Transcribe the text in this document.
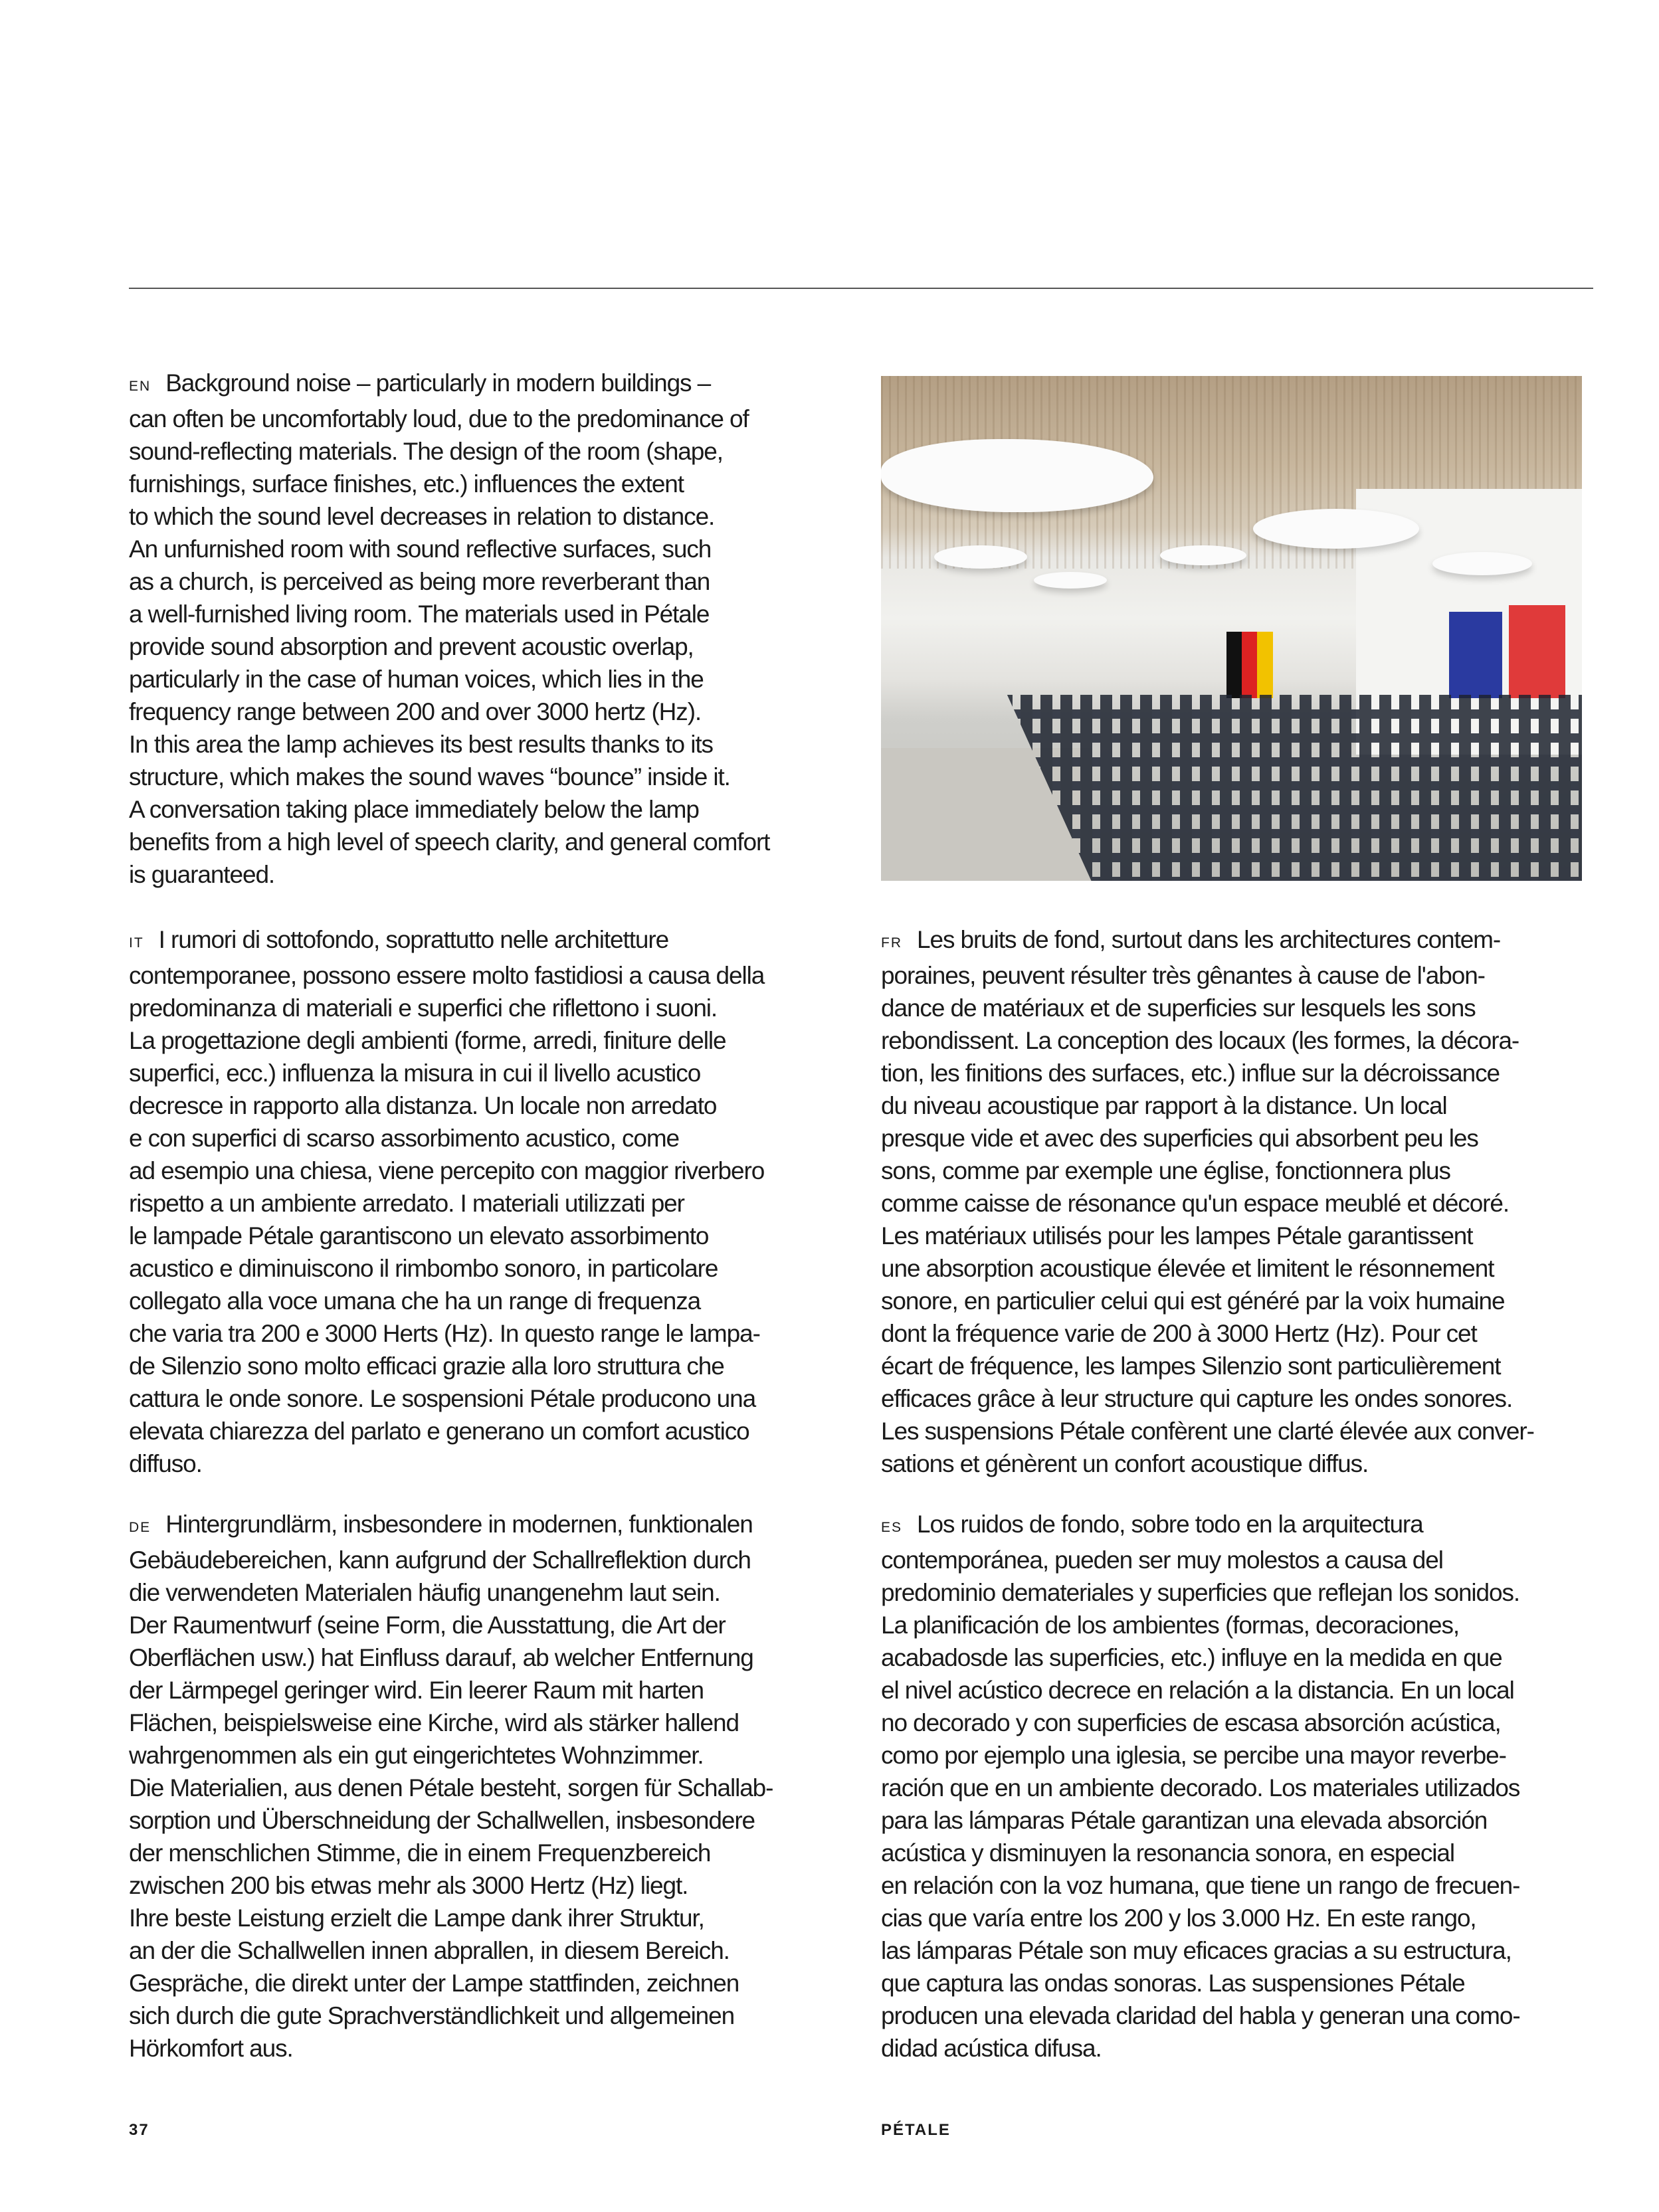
EN Background noise – particularly in modern buildings –
can often be uncomfortably loud, due to the predominance of
sound-reflecting materials. The design of the room (shape,
furnishings, surface finishes, etc.) influences the extent
to which the sound level decreases in relation to distance.
An unfurnished room with sound reflective surfaces, such
as a church, is perceived as being more reverberant than
a well-furnished living room. The materials used in Pétale
provide sound absorption and prevent acoustic overlap,
particularly in the case of human voices, which lies in the
frequency range between 200 and over 3000 hertz (Hz).
In this area the lamp achieves its best results thanks to its
structure, which makes the sound waves “bounce” inside it.
A conversation taking place immediately below the lamp
benefits from a high level of speech clarity, and general comfort
is guaranteed.
IT I rumori di sottofondo, soprattutto nelle architetture
contemporanee, possono essere molto fastidiosi a causa della
predominanza di materiali e superfici che riflettono i suoni.
La progettazione degli ambienti (forme, arredi, finiture delle
superfici, ecc.) influenza la misura in cui il livello acustico
decresce in rapporto alla distanza. Un locale non arredato
e con superfici di scarso assorbimento acustico, come
ad esempio una chiesa, viene percepito con maggior riverbero
rispetto a un ambiente arredato. I materiali utilizzati per
le lampade Pétale garantiscono un elevato assorbimento
acustico e diminuiscono il rimbombo sonoro, in particolare
collegato alla voce umana che ha un range di frequenza
che varia tra 200 e 3000 Herts (Hz). In questo range le lampa-
de Silenzio sono molto efficaci grazie alla loro struttura che
cattura le onde sonore. Le sospensioni Pétale producono una
elevata chiarezza del parlato e generano un comfort acustico
diffuso.
DE Hintergrundlärm, insbesondere in modernen, funktionalen
Gebäudebereichen, kann aufgrund der Schallreflektion durch
die verwendeten Materialen häufig unangenehm laut sein.
Der Raumentwurf (seine Form, die Ausstattung, die Art der
Oberflächen usw.) hat Einfluss darauf, ab welcher Entfernung
der Lärmpegel geringer wird. Ein leerer Raum mit harten
Flächen, beispielsweise eine Kirche, wird als stärker hallend
wahrgenommen als ein gut eingerichtetes Wohnzimmer.
Die Materialien, aus denen Pétale besteht, sorgen für Schallab-
sorption und Überschneidung der Schallwellen, insbesondere
der menschlichen Stimme, die in einem Frequenzbereich
zwischen 200 bis etwas mehr als 3000 Hertz (Hz) liegt.
Ihre beste Leistung erzielt die Lampe dank ihrer Struktur,
an der die Schallwellen innen abprallen, in diesem Bereich.
Gespräche, die direkt unter der Lampe stattfinden, zeichnen
sich durch die gute Sprachverständlichkeit und allgemeinen
Hörkomfort aus.
FR Les bruits de fond, surtout dans les architectures contem-
poraines, peuvent résulter très gênantes à cause de l'abon-
dance de matériaux et de superficies sur lesquels les sons
rebondissent. La conception des locaux (les formes, la décora-
tion, les finitions des surfaces, etc.) influe sur la décroissance
du niveau acoustique par rapport à la distance. Un local
presque vide et avec des superficies qui absorbent peu les
sons, comme par exemple une église, fonctionnera plus
comme caisse de résonance qu'un espace meublé et décoré.
Les matériaux utilisés pour les lampes Pétale garantissent
une absorption acoustique élevée et limitent le résonnement
sonore, en particulier celui qui est généré par la voix humaine
dont la fréquence varie de 200 à 3000 Hertz (Hz). Pour cet
écart de fréquence, les lampes Silenzio sont particulièrement
efficaces grâce à leur structure qui capture les ondes sonores.
Les suspensions Pétale confèrent une clarté élevée aux conver-
sations et génèrent un confort acoustique diffus.
ES Los ruidos de fondo, sobre todo en la arquitectura
contemporánea, pueden ser muy molestos a causa del
predominio demateriales y superficies que reflejan los sonidos.
La planificación de los ambientes (formas, decoraciones,
acabadosde las superficies, etc.) influye en la medida en que
el nivel acústico decrece en relación a la distancia. En un local
no decorado y con superficies de escasa absorción acústica,
como por ejemplo una iglesia, se percibe una mayor reverbe-
ración que en un ambiente decorado. Los materiales utilizados
para las lámparas Pétale garantizan una elevada absorción
acústica y disminuyen la resonancia sonora, en especial
en relación con la voz humana, que tiene un rango de frecuen-
cias que varía entre los 200 y los 3.000 Hz. En este rango,
las lámparas Pétale son muy eficaces gracias a su estructura,
que captura las ondas sonoras. Las suspensiones Pétale
producen una elevada claridad del habla y generan una como-
didad acústica difusa.
37	PÉTALE
